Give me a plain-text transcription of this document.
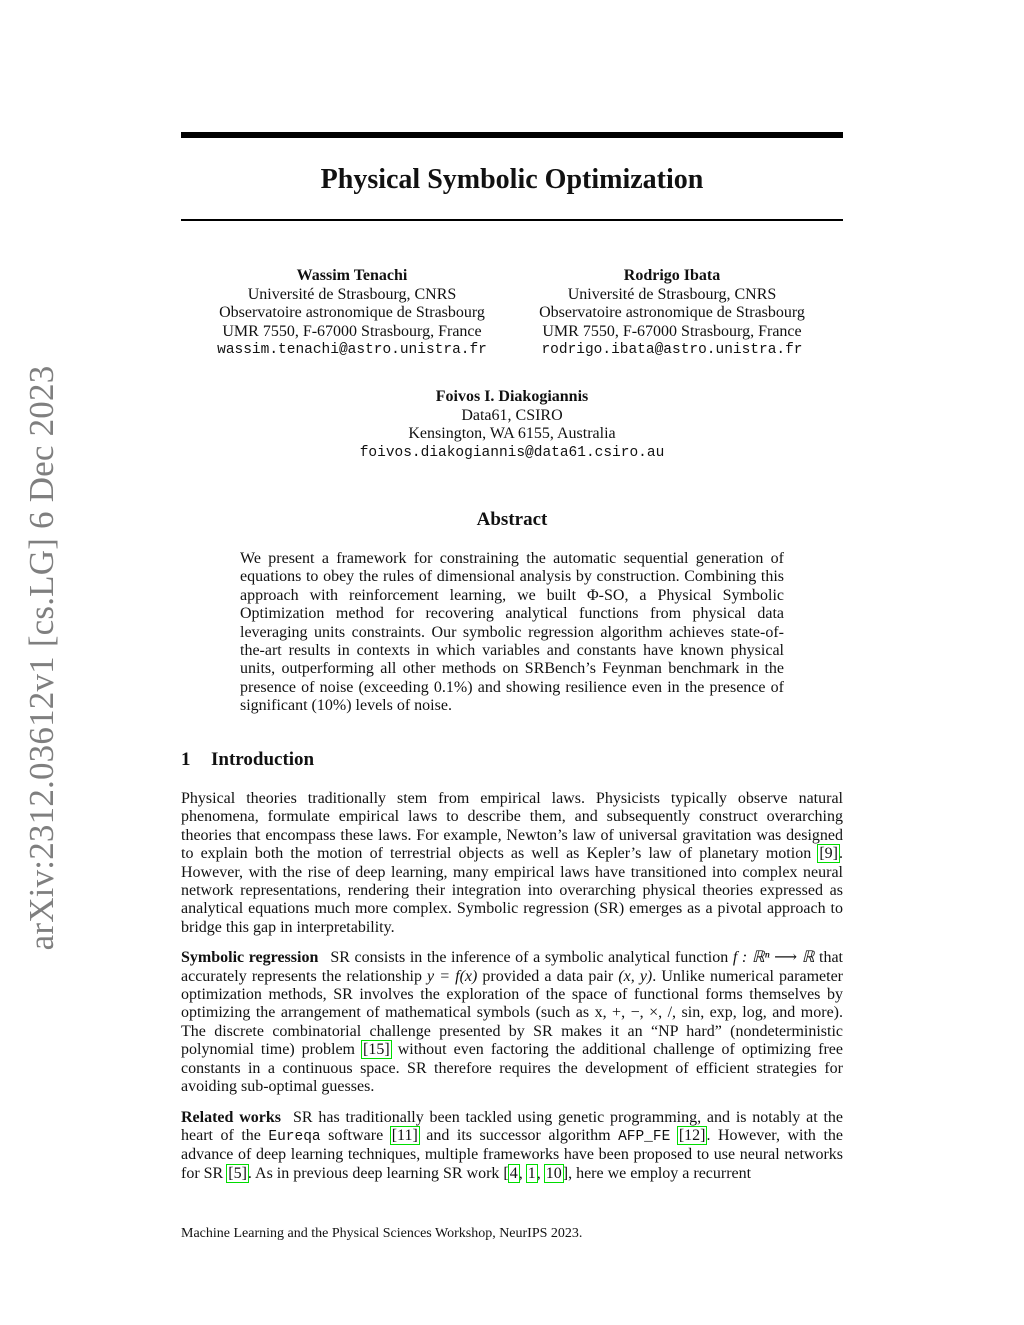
arXiv:2312.03612v1 [cs.LG] 6 Dec 2023
Physical Symbolic Optimization
Wassim Tenachi
Université de Strasbourg, CNRS
Observatoire astronomique de Strasbourg
UMR 7550, F-67000 Strasbourg, France
wassim.tenachi@astro.unistra.fr
Rodrigo Ibata
Université de Strasbourg, CNRS
Observatoire astronomique de Strasbourg
UMR 7550, F-67000 Strasbourg, France
rodrigo.ibata@astro.unistra.fr
Foivos I. Diakogiannis
Data61, CSIRO
Kensington, WA 6155, Australia
foivos.diakogiannis@data61.csiro.au
Abstract

We present a framework for constraining the automatic sequential generation of equations to obey the rules of dimensional analysis by construction. Combining this approach with reinforcement learning, we built Φ-SO, a Physical Symbolic Optimization method for recovering analytical functions from physical data leveraging units constraints. Our symbolic regression algorithm achieves state-of-the-art results in contexts in which variables and constants have known physical units, outperforming all other methods on SRBench’s Feynman benchmark in the presence of noise (exceeding 0.1%) and showing resilience even in the presence of significant (10%) levels of noise.

1 Introduction

Physical theories traditionally stem from empirical laws. Physicists typically observe natural phenomena, formulate empirical laws to describe them, and subsequently construct overarching theories that encompass these laws. For example, Newton’s law of universal gravitation was designed to explain both the motion of terrestrial objects as well as Kepler’s law of planetary motion [9]. However, with the rise of deep learning, many empirical laws have transitioned into complex neural network representations, rendering their integration into overarching physical theories expressed as analytical equations much more complex. Symbolic regression (SR) emerges as a pivotal approach to bridge this gap in interpretability.

Symbolic regression SR consists in the inference of a symbolic analytical function f : ℝⁿ ⟶ ℝ that accurately represents the relationship y = f(x) provided a data pair (x, y). Unlike numerical parameter optimization methods, SR involves the exploration of the space of functional forms themselves by optimizing the arrangement of mathematical symbols (such as x, +, −, ×, /, sin, exp, log, and more). The discrete combinatorial challenge presented by SR makes it an “NP hard” (nondeterministic polynomial time) problem [15] without even factoring the additional challenge of optimizing free constants in a continuous space. SR therefore requires the development of efficient strategies for avoiding sub-optimal guesses.

Related works SR has traditionally been tackled using genetic programming, and is notably at the heart of the Eureqa software [11] and its successor algorithm AFP_FE [12]. However, with the advance of deep learning techniques, multiple frameworks have been proposed to use neural networks for SR [5]. As in previous deep learning SR work [4, 1, 10], here we employ a recurrent

Machine Learning and the Physical Sciences Workshop, NeurIPS 2023.
